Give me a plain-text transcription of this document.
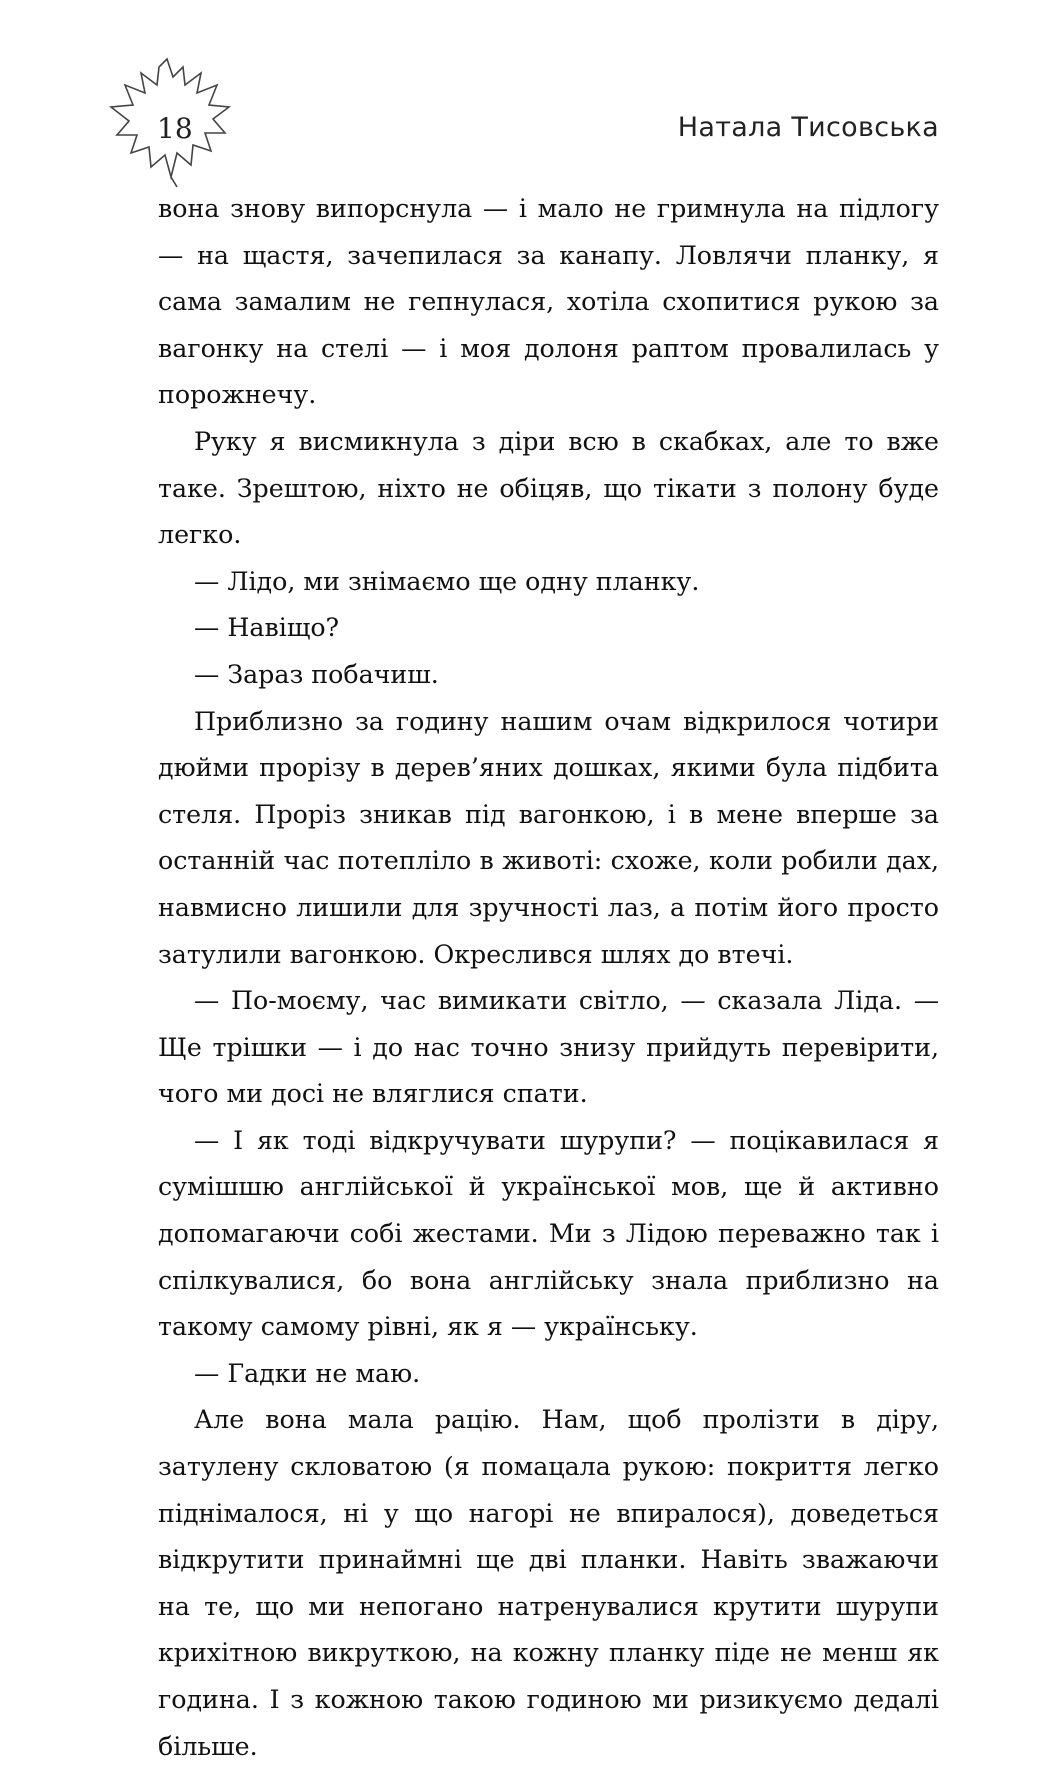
18	Натала Тисовська

вона знову випорснула — і мало не гримнула на підлогу — на щастя, зачепилася за канапу. Ловлячи планку, я сама замалим не гепнулася, хотіла схопитися рукою за вагонку на стелі — і моя долоня раптом провалилась у порожнечу.

Руку я висмикнула з діри всю в скабках, але то вже таке. Зрештою, ніхто не обіцяв, що тікати з полону буде легко.

— Лідо, ми знімаємо ще одну планку.

— Навіщо?

— Зараз побачиш.

Приблизно за годину нашим очам відкрилося чотири дюйми прорізу в дерев’яних дошках, якими була підбита стеля. Проріз зникав під вагонкою, і в мене вперше за останній час потепліло в животі: схоже, коли робили дах, навмисно лишили для зручності лаз, а потім його просто затулили вагонкою. Окреслився шлях до втечі.

— По-моєму, час вимикати світло, — сказала Ліда. — Ще трішки — і до нас точно знизу прийдуть перевірити, чого ми досі не вляглися спати.

— І як тоді відкручувати шурупи? — поцікавилася я сумішшю англійської й української мов, ще й активно допомагаючи собі жестами. Ми з Лідою переважно так і спілкувалися, бо вона англійську знала приблизно на такому самому рівні, як я — українську.

— Гадки не маю.

Але вона мала рацію. Нам, щоб пролізти в діру, затулену скловатою (я помацала рукою: покриття легко піднімалося, ні у що нагорі не впиралося), доведеться відкрутити принаймні ще дві планки. Навіть зважаючи на те, що ми непогано натренувалися крутити шурупи крихітною викруткою, на кожну планку піде не менш як година. І з кожною такою годиною ми ризикуємо дедалі більше.
